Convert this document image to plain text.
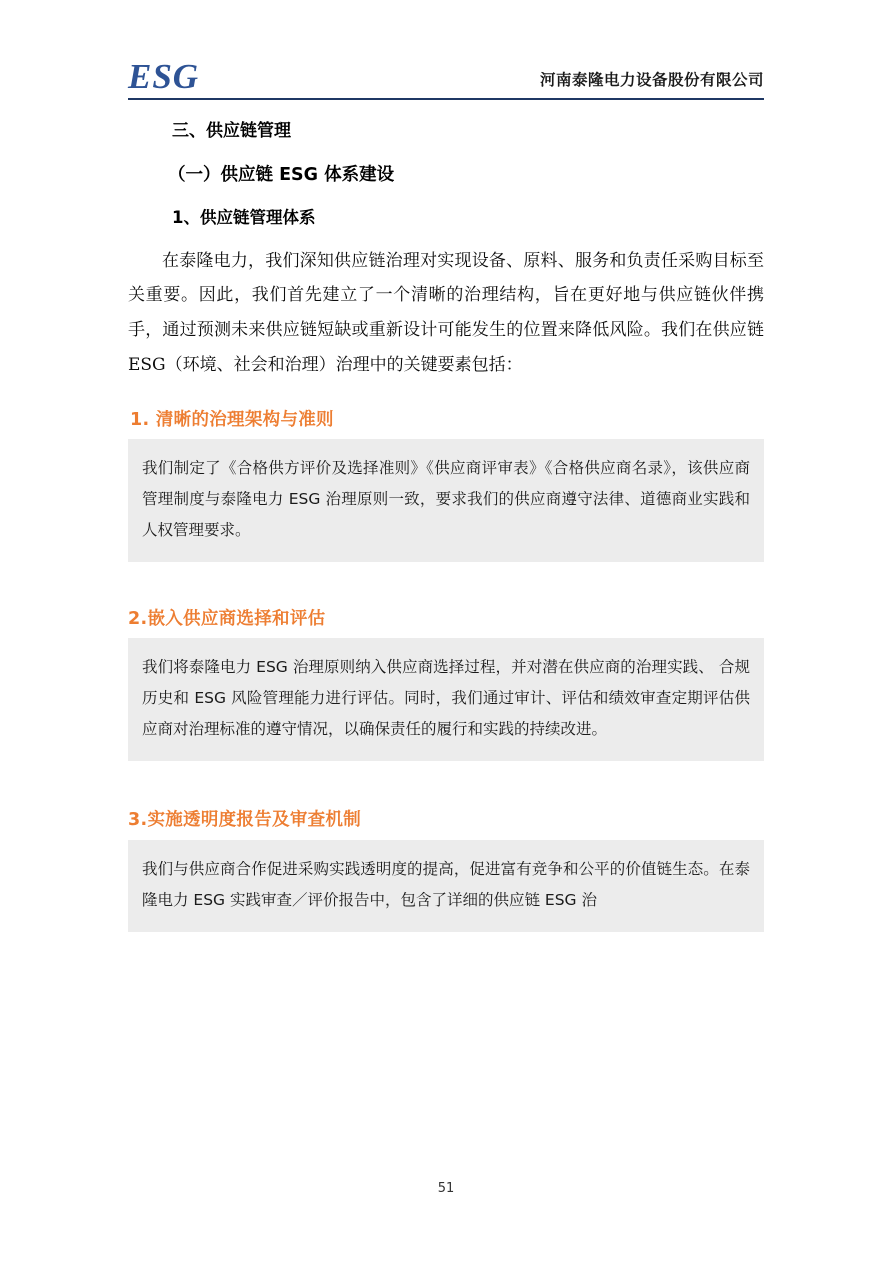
ESG	河南泰隆电力设备股份有限公司
三、供应链管理
（一）供应链 ESG 体系建设
1、供应链管理体系

在泰隆电力，我们深知供应链治理对实现设备、原料、服务和负责任采购目标至关重要。因此，我们首先建立了一个清晰的治理结构，旨在更好地与供应链伙伴携手，通过预测未来供应链短缺或重新设计可能发生的位置来降低风险。我们在供应链 ESG（环境、社会和治理）治理中的关键要素包括：

1. 清晰的治理架构与准则
我们制定了《合格供方评价及选择准则》《供应商评审表》《合格供应商名录》，该供应商管理制度与泰隆电力 ESG 治理原则一致，要求我们的供应商遵守法律、道德商业实践和人权管理要求。
2.嵌入供应商选择和评估
我们将泰隆电力 ESG 治理原则纳入供应商选择过程，并对潜在供应商的治理实践、 合规历史和 ESG 风险管理能力进行评估。同时，我们通过审计、评估和绩效审查定期评估供应商对治理标准的遵守情况，以确保责任的履行和实践的持续改进。
3.实施透明度报告及审查机制
我们与供应商合作促进采购实践透明度的提高，促进富有竞争和公平的价值链生态。在泰隆电力 ESG 实践审查／评价报告中，包含了详细的供应链 ESG 治
51
